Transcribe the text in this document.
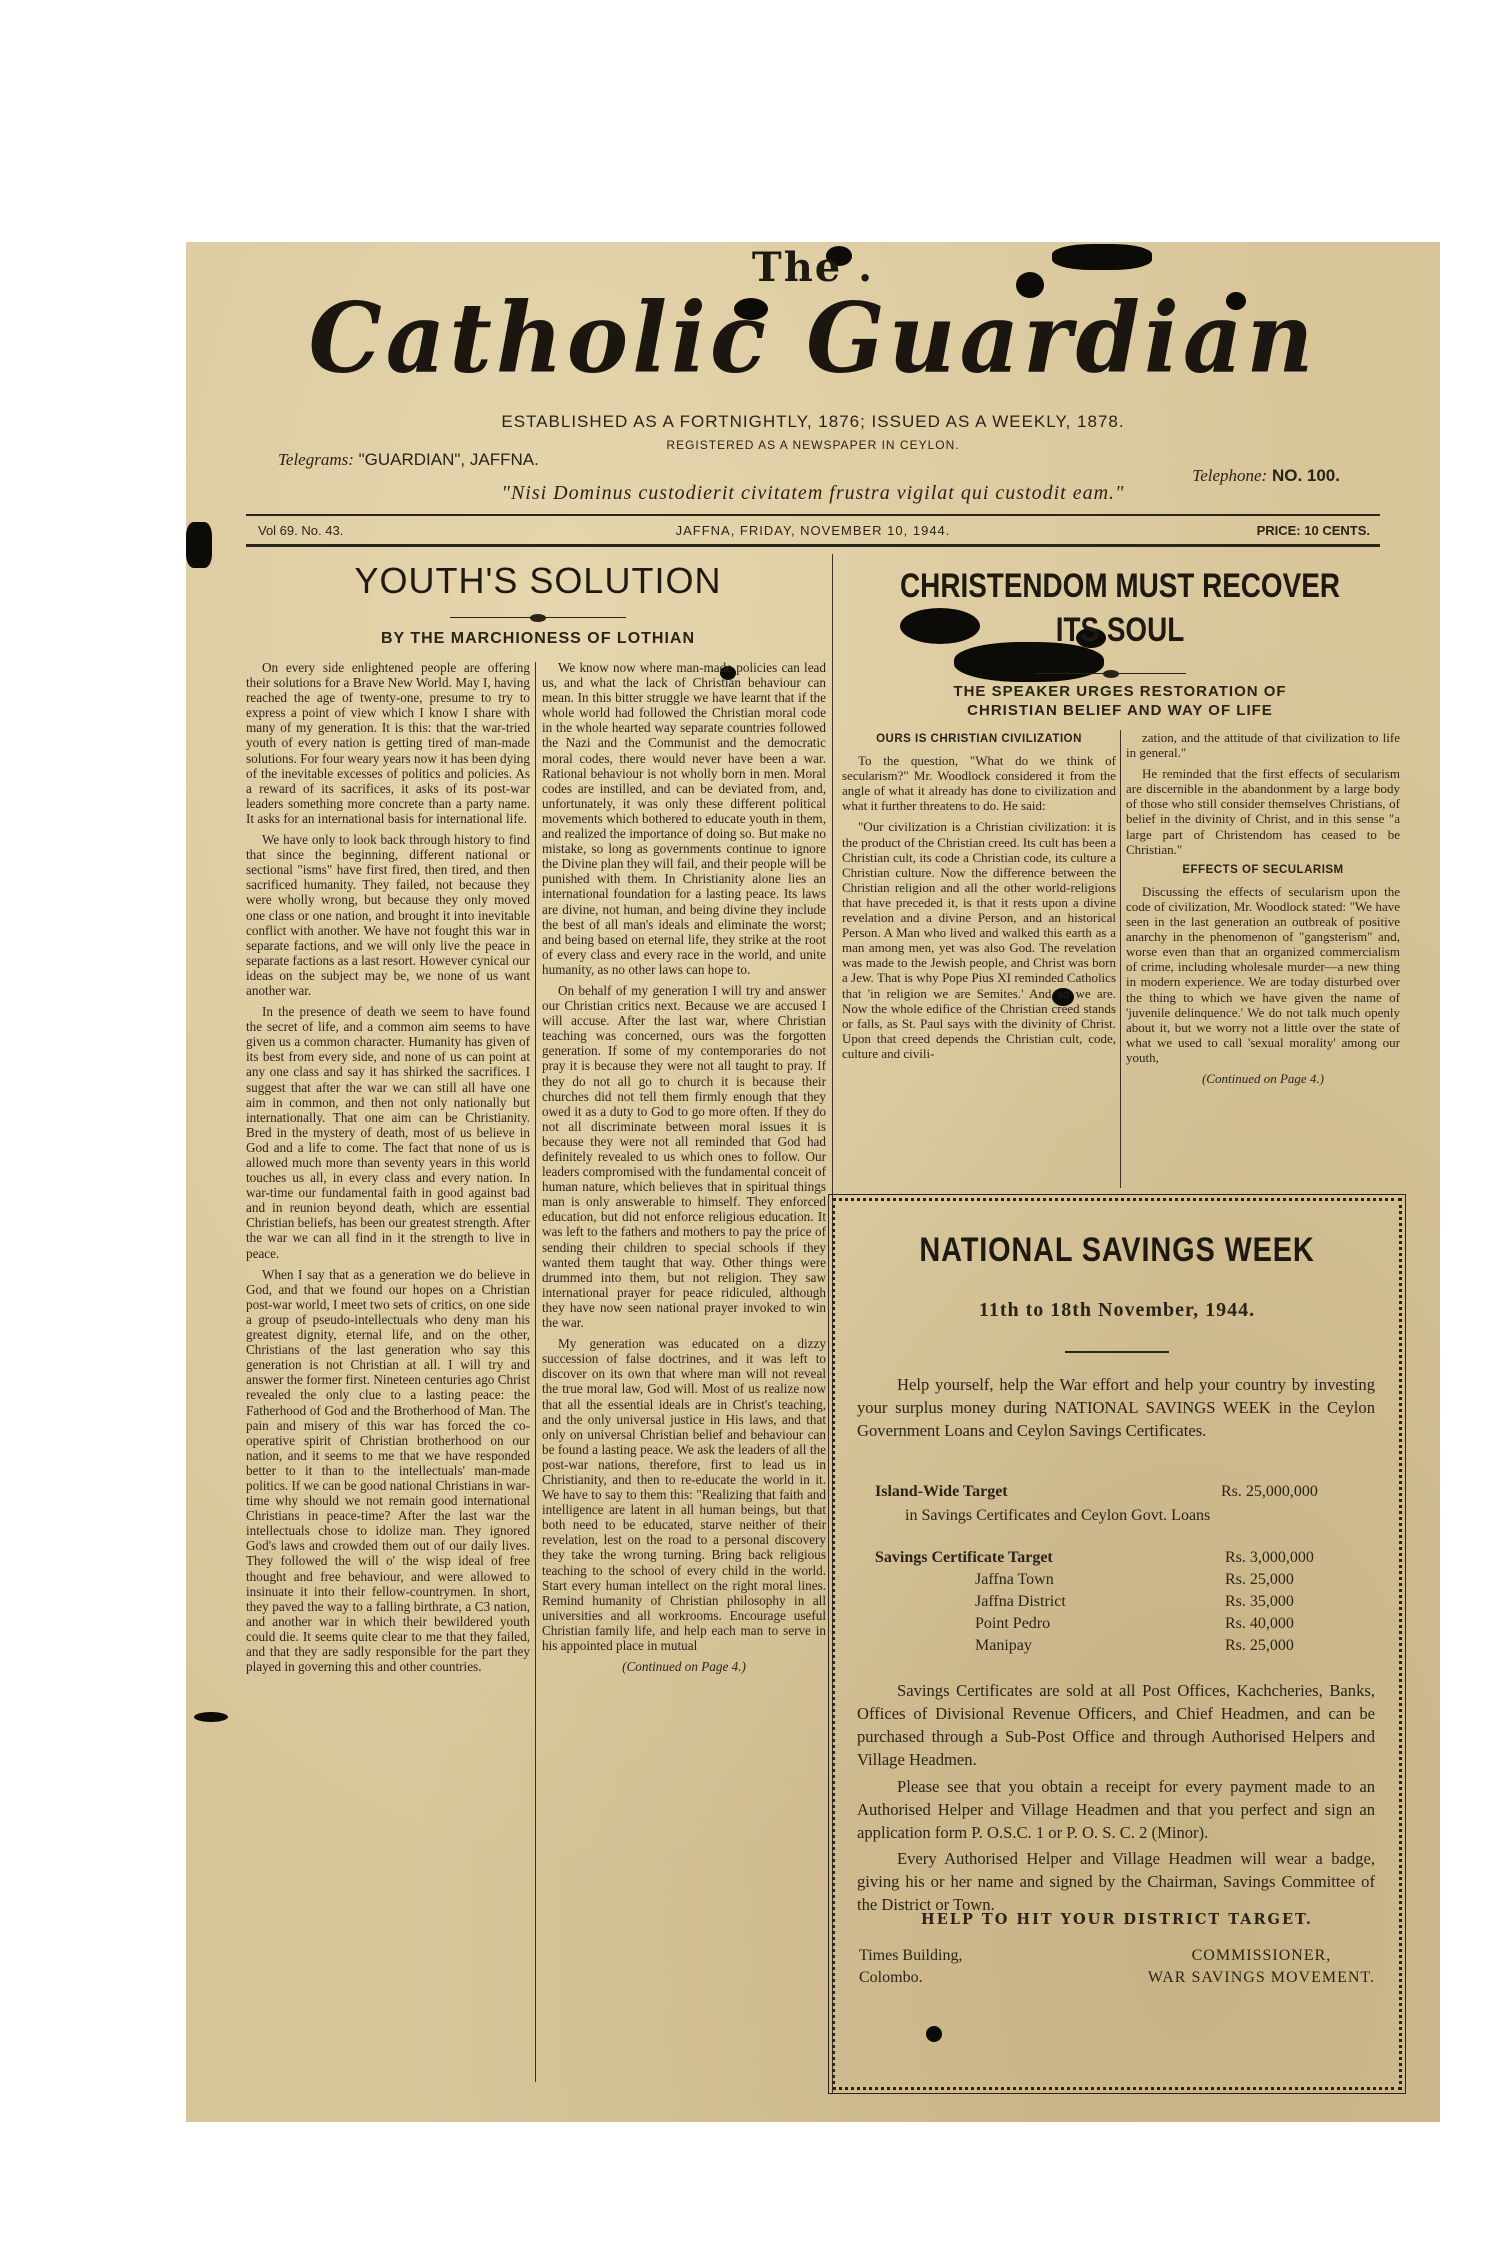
The .
Catholic Guardian
ESTABLISHED AS A FORTNIGHTLY, 1876; ISSUED AS A WEEKLY, 1878.
REGISTERED AS A NEWSPAPER IN CEYLON.
Telegrams: "GUARDIAN", JAFFNA.
Telephone: NO. 100.
"Nisi Dominus custodierit civitatem frustra vigilat qui custodit eam."
Vol 69. No. 43.	JAFFNA, FRIDAY, NOVEMBER 10, 1944.	PRICE: 10 CENTS.
YOUTH'S SOLUTION
BY THE MARCHIONESS OF LOTHIAN

On every side enlightened people are offering their solutions for a Brave New World. May I, having reached the age of twenty-one, presume to try to express a point of view which I know I share with many of my generation. It is this: that the war-tried youth of every nation is getting tired of man-made solutions. For four weary years now it has been dying of the inevitable excesses of politics and policies. As a reward of its sacrifices, it asks of its post-war leaders something more concrete than a party name. It asks for an international basis for international life.

We have only to look back through history to find that since the beginning, different national or sectional "isms" have first fired, then tired, and then sacrificed humanity. They failed, not because they were wholly wrong, but because they only moved one class or one nation, and brought it into inevitable conflict with another. We have not fought this war in separate factions, and we will only live the peace in separate factions as a last resort. However cynical our ideas on the subject may be, we none of us want another war.

In the presence of death we seem to have found the secret of life, and a common aim seems to have given us a common character. Humanity has given of its best from every side, and none of us can point at any one class and say it has shirked the sacrifices. I suggest that after the war we can still all have one aim in common, and then not only nationally but internationally. That one aim can be Christianity. Bred in the mystery of death, most of us believe in God and a life to come. The fact that none of us is allowed much more than seventy years in this world touches us all, in every class and every nation. In war-time our fundamental faith in good against bad and in reunion beyond death, which are essential Christian beliefs, has been our greatest strength. After the war we can all find in it the strength to live in peace.

When I say that as a generation we do believe in God, and that we found our hopes on a Christian post-war world, I meet two sets of critics, on one side a group of pseudo-intellectuals who deny man his greatest dignity, eternal life, and on the other, Christians of the last generation who say this generation is not Christian at all. I will try and answer the former first. Nineteen centuries ago Christ revealed the only clue to a lasting peace: the Fatherhood of God and the Brotherhood of Man. The pain and misery of this war has forced the co-operative spirit of Christian brotherhood on our nation, and it seems to me that we have responded better to it than to the intellectuals' man-made politics. If we can be good national Christians in war-time why should we not remain good international Christians in peace-time? After the last war the intellectuals chose to idolize man. They ignored God's laws and crowded them out of our daily lives. They followed the will o' the wisp ideal of free thought and free behaviour, and were allowed to insinuate it into their fellow-countrymen. In short, they paved the way to a falling birthrate, a C3 nation, and another war in which their bewildered youth could die. It seems quite clear to me that they failed, and that they are sadly responsible for the part they played in governing this and other countries.

We know now where man-made policies can lead us, and what the lack of Christian behaviour can mean. In this bitter struggle we have learnt that if the whole world had followed the Christian moral code in the whole hearted way separate countries followed the Nazi and the Communist and the democratic moral codes, there would never have been a war. Rational behaviour is not wholly born in men. Moral codes are instilled, and can be deviated from, and, unfortunately, it was only these different political movements which bothered to educate youth in them, and realized the importance of doing so. But make no mistake, so long as governments continue to ignore the Divine plan they will fail, and their people will be punished with them. In Christianity alone lies an international foundation for a lasting peace. Its laws are divine, not human, and being divine they include the best of all man's ideals and eliminate the worst; and being based on eternal life, they strike at the root of every class and every race in the world, and unite humanity, as no other laws can hope to.

On behalf of my generation I will try and answer our Christian critics next. Because we are accused I will accuse. After the last war, where Christian teaching was concerned, ours was the forgotten generation. If some of my contemporaries do not pray it is because they were not all taught to pray. If they do not all go to church it is because their churches did not tell them firmly enough that they owed it as a duty to God to go more often. If they do not all discriminate between moral issues it is because they were not all reminded that God had definitely revealed to us which ones to follow. Our leaders compromised with the fundamental conceit of human nature, which believes that in spiritual things man is only answerable to himself. They enforced education, but did not enforce religious education. It was left to the fathers and mothers to pay the price of sending their children to special schools if they wanted them taught that way. Other things were drummed into them, but not religion. They saw international prayer for peace ridiculed, although they have now seen national prayer invoked to win the war.

My generation was educated on a dizzy succession of false doctrines, and it was left to discover on its own that where man will not reveal the true moral law, God will. Most of us realize now that all the essential ideals are in Christ's teaching, and the only universal justice in His laws, and that only on universal Christian belief and behaviour can be found a lasting peace. We ask the leaders of all the post-war nations, therefore, first to lead us in Christianity, and then to re-educate the world in it. We have to say to them this: "Realizing that faith and intelligence are latent in all human beings, but that both need to be educated, starve neither of their revelation, lest on the road to a personal discovery they take the wrong turning. Bring back religious teaching to the school of every child in the world. Start every human intellect on the right moral lines. Remind humanity of Christian philosophy in all universities and all workrooms. Encourage useful Christian family life, and help each man to serve in his appointed place in mutual

(Continued on Page 4.)

CHRISTENDOM MUST RECOVER
ITS SOUL
THE SPEAKER URGES RESTORATION OF
CHRISTIAN BELIEF AND WAY OF LIFE

OURS IS CHRISTIAN CIVILIZATION

To the question, "What do we think of secularism?" Mr. Woodlock considered it from the angle of what it already has done to civilization and what it further threatens to do. He said:

"Our civilization is a Christian civilization: it is the product of the Christian creed. Its cult has been a Christian cult, its code a Christian code, its culture a Christian culture. Now the difference between the Christian religion and all the other world-religions that have preceded it, is that it rests upon a divine revelation and a divine Person, and an historical Person. A Man who lived and walked this earth as a man among men, yet was also God. The revelation was made to the Jewish people, and Christ was born a Jew. That is why Pope Pius XI reminded Catholics that 'in religion we are Semites.' And so we are. Now the whole edifice of the Christian creed stands or falls, as St. Paul says with the divinity of Christ. Upon that creed depends the Christian cult, code, culture and civili-

zation, and the attitude of that civilization to life in general."

He reminded that the first effects of secularism are discernible in the abandonment by a large body of those who still consider themselves Christians, of belief in the divinity of Christ, and in this sense "a large part of Christendom has ceased to be Christian."

EFFECTS OF SECULARISM

Discussing the effects of secularism upon the code of civilization, Mr. Woodlock stated: "We have seen in the last generation an outbreak of positive anarchy in the phenomenon of "gangsterism" and, worse even than that an organized commercialism of crime, including wholesale murder—a new thing in modern experience. We are today disturbed over the thing to which we have given the name of 'juvenile delinquence.' We do not talk much openly about it, but we worry not a little over the state of what we used to call 'sexual morality' among our youth,

(Continued on Page 4.)

NATIONAL SAVINGS WEEK
11th to 18th November, 1944.
Help yourself, help the War effort and help your country by investing your surplus money during NATIONAL SAVINGS WEEK in the Ceylon Government Loans and Ceylon Savings Certificates.
Island-Wide Target	Rs. 25,000,000
in Savings Certificates and Ceylon Govt. Loans
Savings Certificate Target	Rs. 3,000,000
Jaffna Town	Rs. 25,000
Jaffna District	Rs. 35,000
Point Pedro	Rs. 40,000
Manipay	Rs. 25,000
Savings Certificates are sold at all Post Offices, Kachcheries, Banks, Offices of Divisional Revenue Officers, and Chief Headmen, and can be purchased through a Sub-Post Office and through Authorised Helpers and Village Headmen.
Please see that you obtain a receipt for every payment made to an Authorised Helper and Village Headmen and that you perfect and sign an application form P. O.S.C. 1 or P. O. S. C. 2 (Minor).
Every Authorised Helper and Village Headmen will wear a badge, giving his or her name and signed by the Chairman, Savings Committee of the District or Town.
HELP TO HIT YOUR DISTRICT TARGET.
Times Building,
Colombo.
COMMISSIONER,
WAR SAVINGS MOVEMENT.
